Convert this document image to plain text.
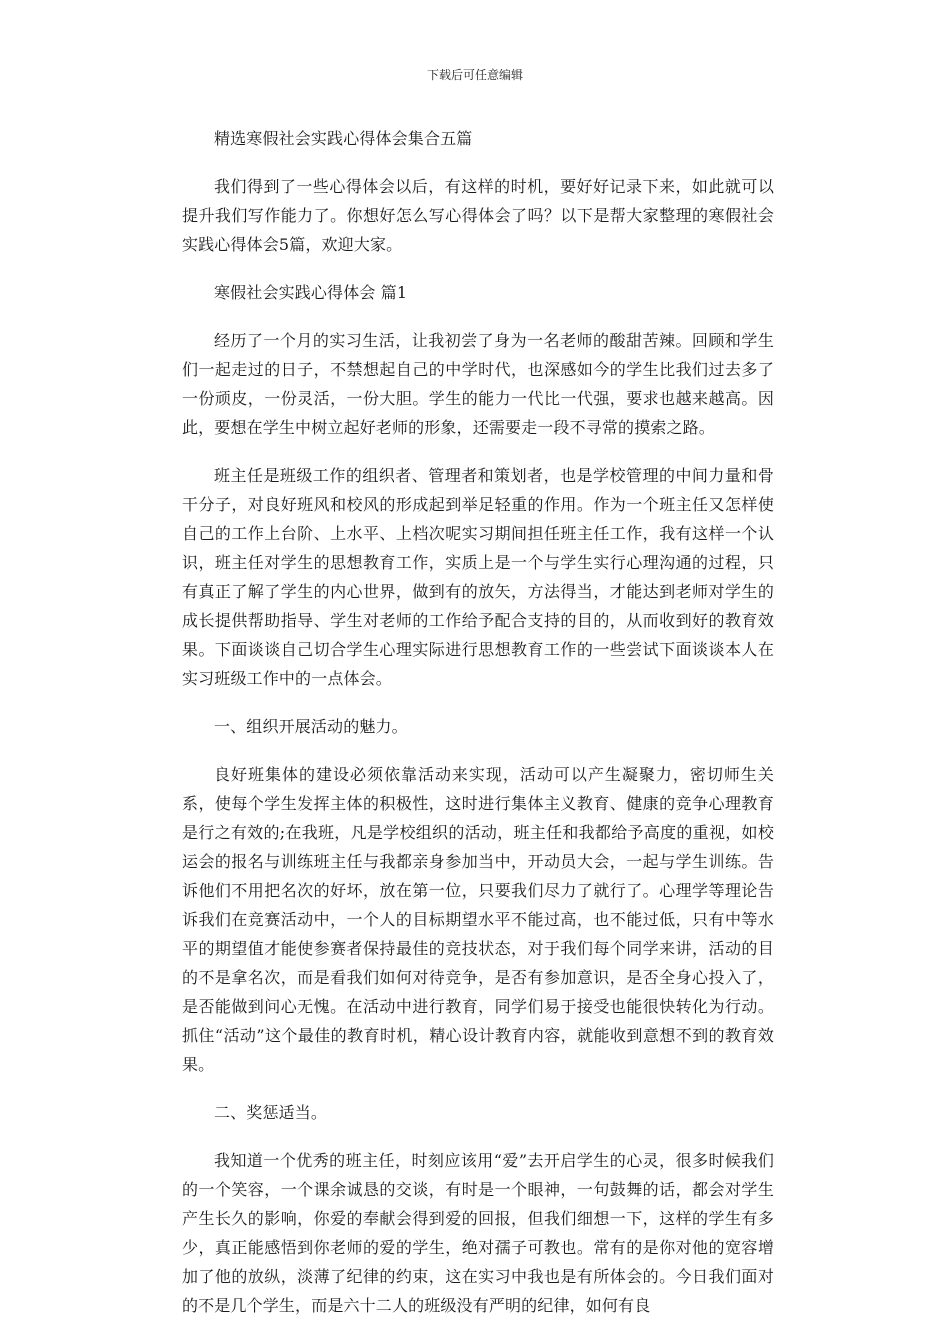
下载后可任意编辑

精选寒假社会实践心得体会集合五篇

我们得到了一些心得体会以后，有这样的时机，要好好记录下来，如此就可以提升我们写作能力了。你想好怎么写心得体会了吗？以下是帮大家整理的寒假社会实践心得体会5篇，欢迎大家。

寒假社会实践心得体会 篇1

经历了一个月的实习生活，让我初尝了身为一名老师的酸甜苦辣。回顾和学生们一起走过的日子，不禁想起自己的中学时代，也深感如今的学生比我们过去多了一份顽皮，一份灵活，一份大胆。学生的能力一代比一代强，要求也越来越高。因此，要想在学生中树立起好老师的形象，还需要走一段不寻常的摸索之路。

班主任是班级工作的组织者、管理者和策划者，也是学校管理的中间力量和骨干分子，对良好班风和校风的形成起到举足轻重的作用。作为一个班主任又怎样使自己的工作上台阶、上水平、上档次呢实习期间担任班主任工作，我有这样一个认识，班主任对学生的思想教育工作，实质上是一个与学生实行心理沟通的过程，只有真正了解了学生的内心世界，做到有的放矢，方法得当，才能达到老师对学生的成长提供帮助指导、学生对老师的工作给予配合支持的目的，从而收到好的教育效果。下面谈谈自己切合学生心理实际进行思想教育工作的一些尝试下面谈谈本人在实习班级工作中的一点体会。

一、组织开展活动的魅力。

良好班集体的建设必须依靠活动来实现，活动可以产生凝聚力，密切师生关系，使每个学生发挥主体的积极性，这时进行集体主义教育、健康的竞争心理教育是行之有效的;在我班，凡是学校组织的活动，班主任和我都给予高度的重视，如校运会的报名与训练班主任与我都亲身参加当中，开动员大会，一起与学生训练。告诉他们不用把名次的好坏，放在第一位，只要我们尽力了就行了。心理学等理论告诉我们在竞赛活动中，一个人的目标期望水平不能过高，也不能过低，只有中等水平的期望值才能使参赛者保持最佳的竞技状态，对于我们每个同学来讲，活动的目的不是拿名次，而是看我们如何对待竞争，是否有参加意识，是否全身心投入了，是否能做到问心无愧。在活动中进行教育，同学们易于接受也能很快转化为行动。抓住“活动”这个最佳的教育时机，精心设计教育内容，就能收到意想不到的教育效果。

二、奖惩适当。

我知道一个优秀的班主任，时刻应该用“爱”去开启学生的心灵，很多时候我们的一个笑容，一个课余诚恳的交谈，有时是一个眼神，一句鼓舞的话，都会对学生产生长久的影响，你爱的奉献会得到爱的回报，但我们细想一下，这样的学生有多少，真正能感悟到你老师的爱的学生，绝对孺子可教也。常有的是你对他的宽容增加了他的放纵，淡薄了纪律的约束，这在实习中我也是有所体会的。今日我们面对的不是几个学生，而是六十二人的班级没有严明的纪律，如何有良
